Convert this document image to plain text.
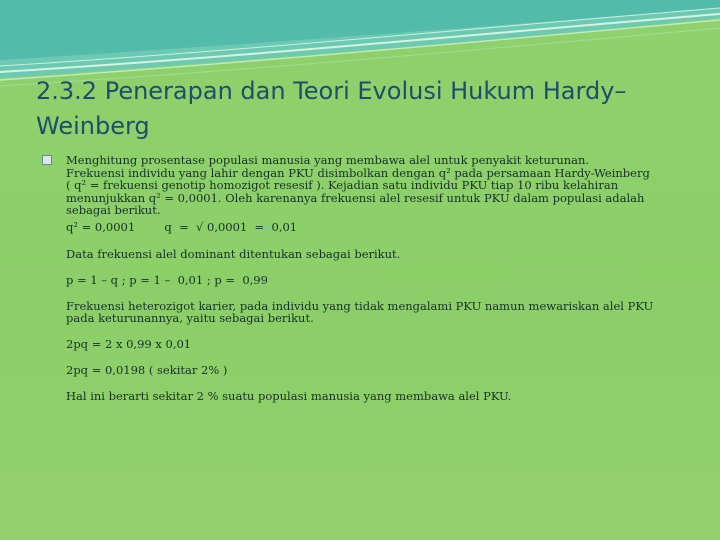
2.3.2 Penerapan dan Teori Evolusi Hukum Hardy–Weinberg
Menghitung prosentase populasi manusia yang membawa alel untuk penyakit keturunan.
Frekuensi individu yang lahir dengan PKU disimbolkan dengan q² pada persamaan Hardy-Weinberg
( q² = frekuensi genotip homozigot resesif ). Kejadian satu individu PKU tiap 10 ribu kelahiran
menunjukkan q² = 0,0001. Oleh karenanya frekuensi alel resesif untuk PKU dalam populasi adalah
sebagai berikut.
q² = 0,0001        q  =  √ 0,0001  =  0,01
Data frekuensi alel dominant ditentukan sebagai berikut.
p = 1 – q ; p = 1 –  0,01 ; p =  0,99
Frekuensi heterozigot karier, pada individu yang tidak mengalami PKU namun mewariskan alel PKU
pada keturunannya, yaitu sebagai berikut.
2pq = 2 x 0,99 x 0,01
2pq = 0,0198 ( sekitar 2% )
Hal ini berarti sekitar 2 % suatu populasi manusia yang membawa alel PKU.
